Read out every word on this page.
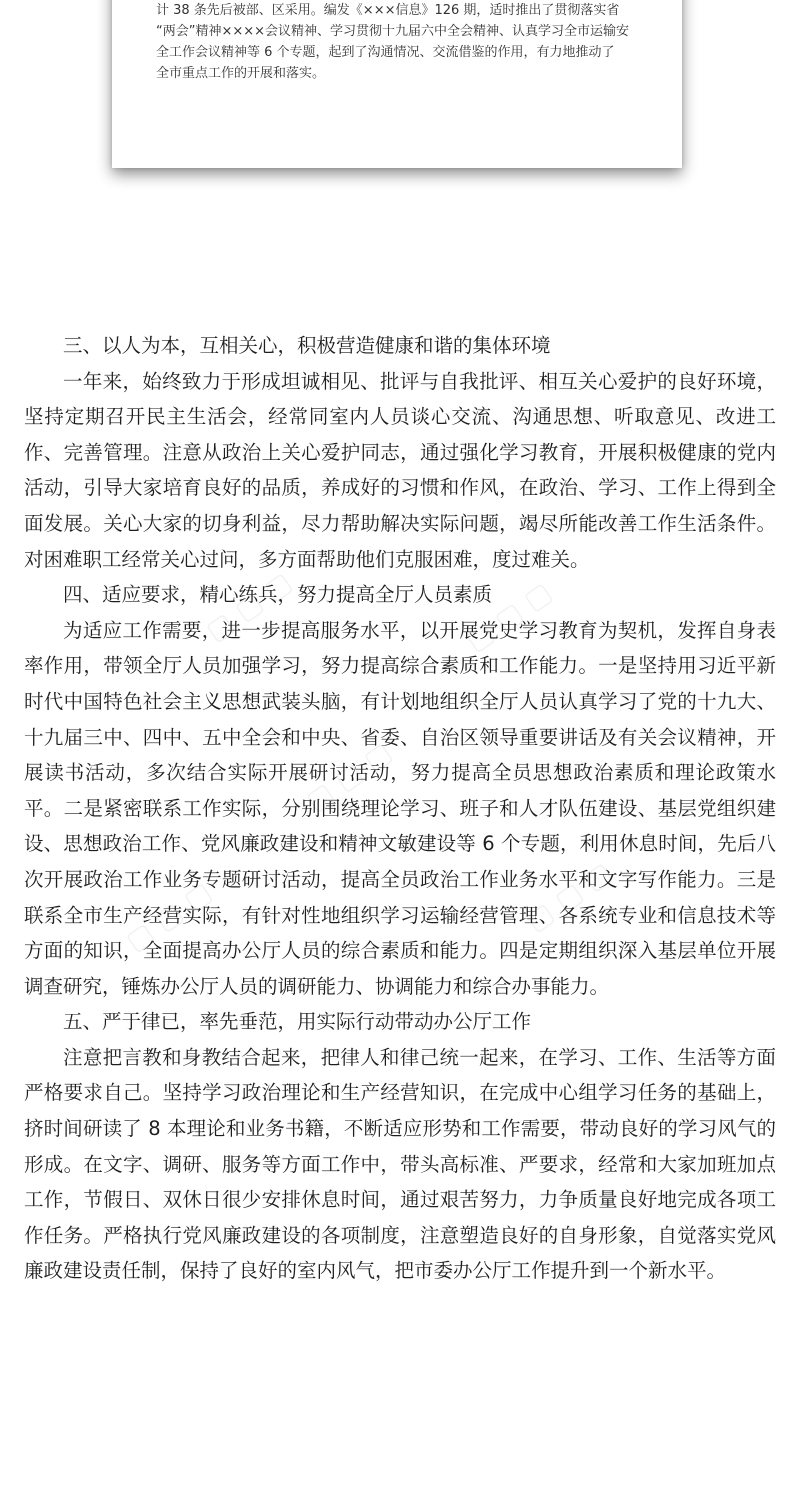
计 38 条先后被部、区采用。编发《×××信息》126 期，适时推出了贯彻落实省

“两会”精神××××会议精神、学习贯彻十九届六中全会精神、认真学习全市运输安

全工作会议精神等 6 个专题，起到了沟通情况、交流借鉴的作用，有力地推动了

全市重点工作的开展和落实。

▢ ▢ ▢	▢ ▢ ▢
▢ ▢ ▢
▢ ▢ ▢	▢ ▢ ▢

三、以人为本，互相关心，积极营造健康和谐的集体环境

一年来，始终致力于形成坦诚相见、批评与自我批评、相互关心爱护的良好环境，坚持定期召开民主生活会，经常同室内人员谈心交流、沟通思想、听取意见、改进工作、完善管理。注意从政治上关心爱护同志，通过强化学习教育，开展积极健康的党内活动，引导大家培育良好的品质，养成好的习惯和作风，在政治、学习、工作上得到全面发展。关心大家的切身利益，尽力帮助解决实际问题，竭尽所能改善工作生活条件。对困难职工经常关心过问，多方面帮助他们克服困难，度过难关。

四、适应要求，精心练兵，努力提高全厅人员素质

为适应工作需要，进一步提高服务水平，以开展党史学习教育为契机，发挥自身表率作用，带领全厅人员加强学习，努力提高综合素质和工作能力。一是坚持用习近平新时代中国特色社会主义思想武装头脑，有计划地组织全厅人员认真学习了党的十九大、十九届三中、四中、五中全会和中央、省委、自治区领导重要讲话及有关会议精神，开展读书活动，多次结合实际开展研讨活动，努力提高全员思想政治素质和理论政策水平。二是紧密联系工作实际，分别围绕理论学习、班子和人才队伍建设、基层党组织建设、思想政治工作、党风廉政建设和精神文敏建设等 6 个专题，利用休息时间，先后八次开展政治工作业务专题研讨活动，提高全员政治工作业务水平和文字写作能力。三是联系全市生产经营实际，有针对性地组织学习运输经营管理、各系统专业和信息技术等方面的知识，全面提高办公厅人员的综合素质和能力。四是定期组织深入基层单位开展调查研究，锤炼办公厅人员的调研能力、协调能力和综合办事能力。

五、严于律已，率先垂范，用实际行动带动办公厅工作

注意把言教和身教结合起来，把律人和律己统一起来，在学习、工作、生活等方面严格要求自己。坚持学习政治理论和生产经营知识，在完成中心组学习任务的基础上，挤时间研读了 8 本理论和业务书籍，不断适应形势和工作需要，带动良好的学习风气的形成。在文字、调研、服务等方面工作中，带头高标准、严要求，经常和大家加班加点工作，节假日、双休日很少安排休息时间，通过艰苦努力，力争质量良好地完成各项工作任务。严格执行党风廉政建设的各项制度，注意塑造良好的自身形象，自觉落实党风廉政建设责任制，保持了良好的室内风气，把市委办公厅工作提升到一个新水平。
